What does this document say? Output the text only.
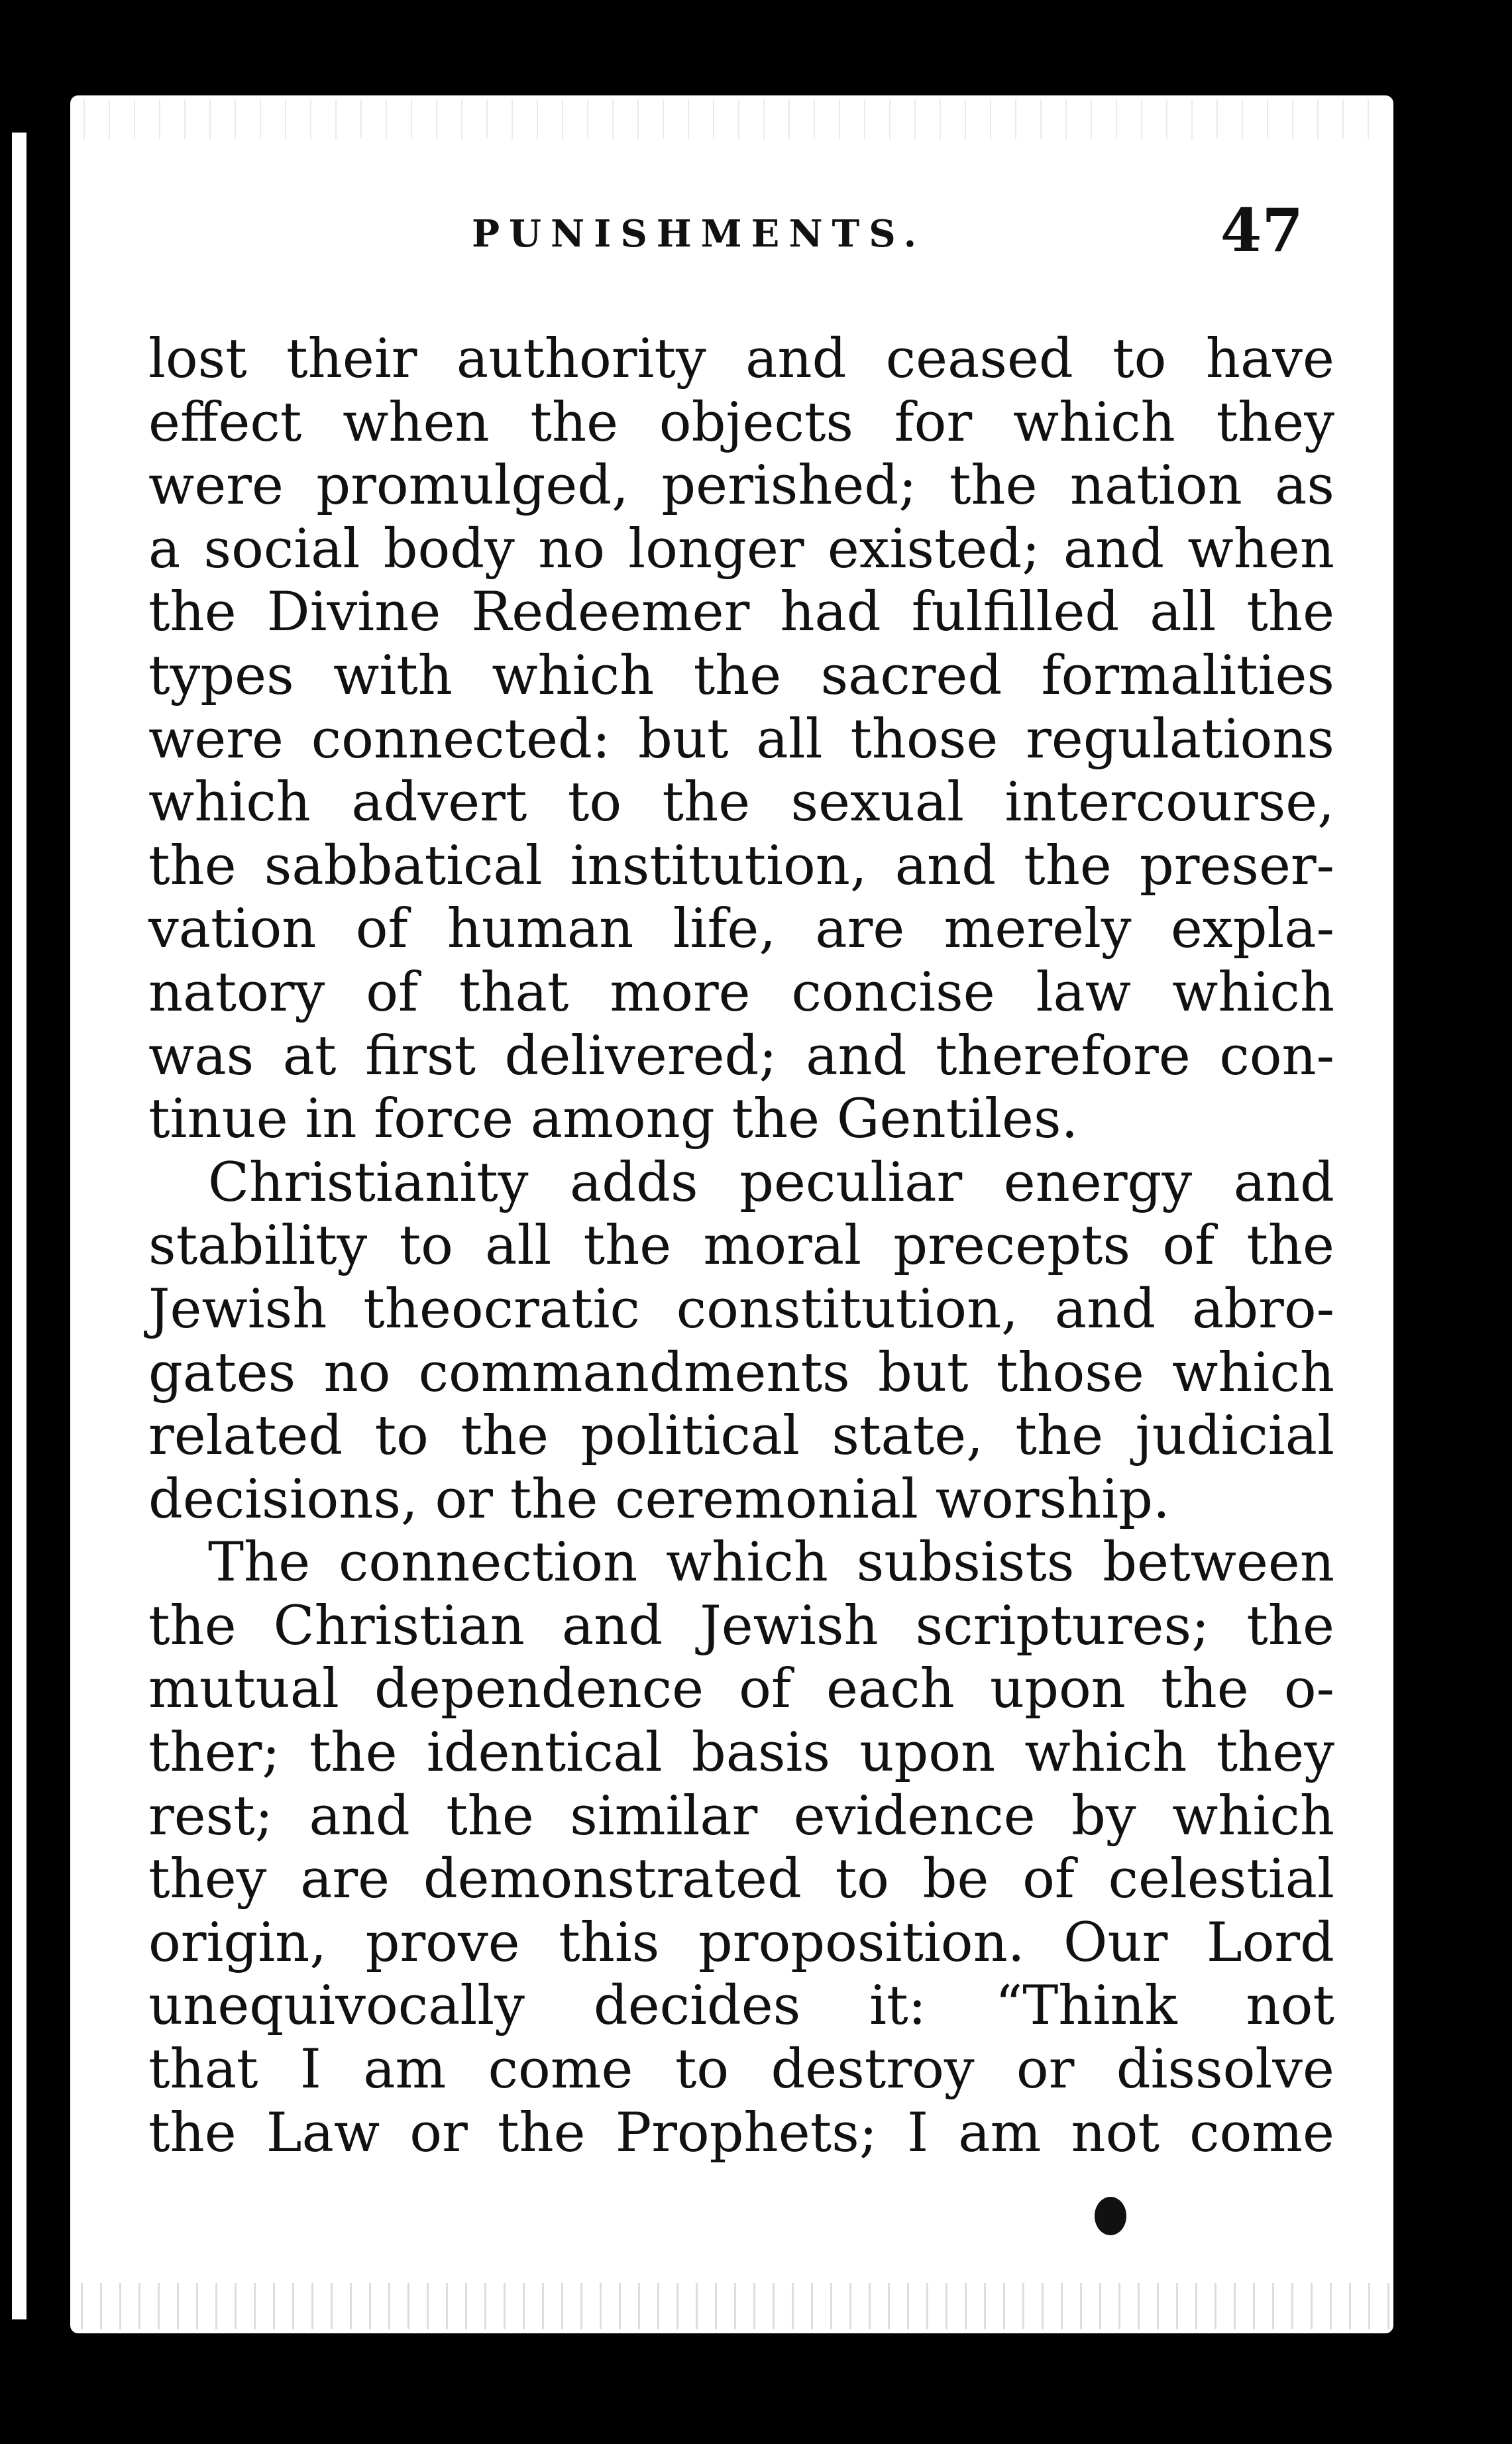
PUNISHMENTS.	47
lost their authority and ceased to have
effect when the objects for which they
were promulged, perished; the nation as
a social body no longer existed; and when
the Divine Redeemer had fulfilled all the
types with which the sacred formalities
were connected: but all those regulations
which advert to the sexual intercourse,
the sabbatical institution, and the preser-
vation of human life, are merely expla-
natory of that more concise law which
was at first delivered; and therefore con-
tinue in force among the Gentiles.
Christianity adds peculiar energy and
stability to all the moral precepts of the
Jewish theocratic constitution, and abro-
gates no commandments but those which
related to the political state, the judicial
decisions, or the ceremonial worship.
The connection which subsists between
the Christian and Jewish scriptures; the
mutual dependence of each upon the o-
ther; the identical basis upon which they
rest; and the similar evidence by which
they are demonstrated to be of celestial
origin, prove this proposition. Our Lord
unequivocally decides it: “Think not
that I am come to destroy or dissolve
the Law or the Prophets; I am not come
